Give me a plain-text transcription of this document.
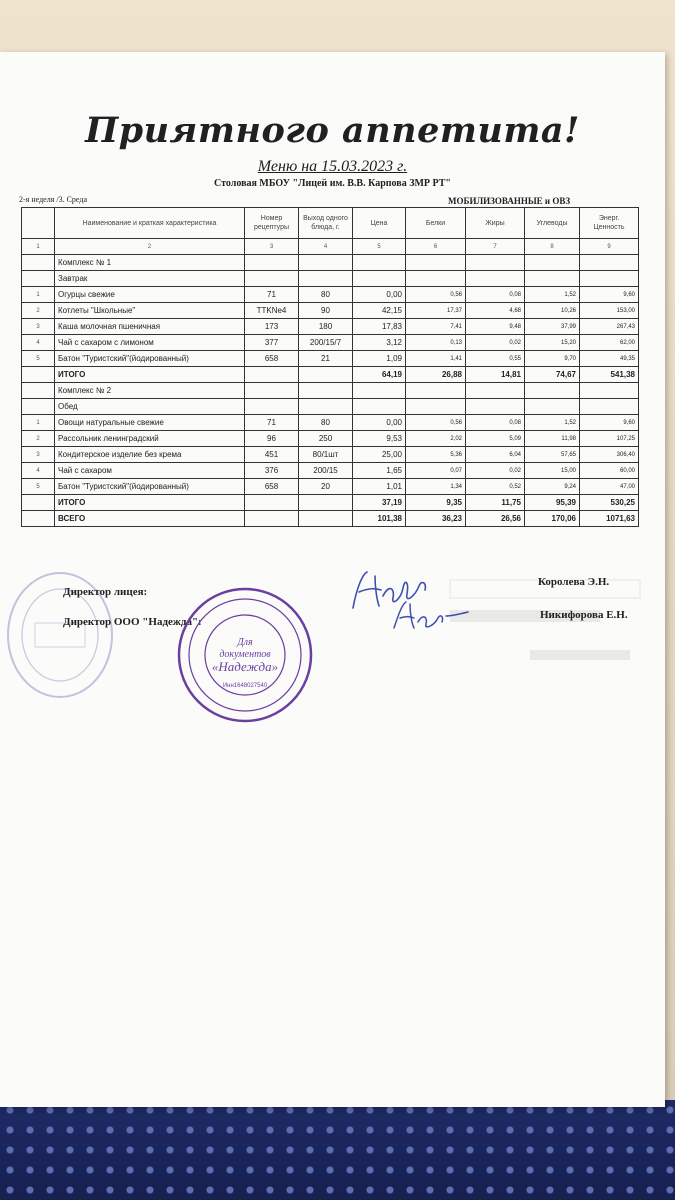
Приятного аппетита!
Меню на 15.03.2023 г.
Столовая МБОУ "Лицей им. В.В. Карпова ЗМР РТ"
2-я неделя /3. Среда	МОБИЛИЗОВАННЫЕ и ОВЗ
	Наименование и краткая характеристика	Номер рецептуры	Выход одного блюда, г.	Цена	Белки	Жиры	Углеводы	Энерг. Ценность
1	2	3	4	5	6	7	8	9
	Комплекс № 1							
	Завтрак							
1	Огурцы свежие	71	80	0,00	0,56	0,08	1,52	9,60
2	Котлеты "Школьные"	TTKNe4	90	42,15	17,37	4,68	10,26	153,00
3	Каша молочная пшеничная	173	180	17,83	7,41	9,48	37,99	267,43
4	Чай с сахаром с лимоном	377	200/15/7	3,12	0,13	0,02	15,20	62,00
5	Батон "Туристский"(йодированный)	658	21	1,09	1,41	0,55	9,70	49,35
	ИТОГО			64,19	26,88	14,81	74,67	541,38
	Комплекс № 2							
	Обед							
1	Овощи натуральные свежие	71	80	0,00	0,56	0,08	1,52	9,60
2	Рассольник ленинградский	96	250	9,53	2,02	5,09	11,98	107,25
3	Кондитерское изделие без крема	451	80/1шт	25,00	5,36	6,04	57,65	306,40
4	Чай с сахаром	376	200/15	1,65	0,07	0,02	15,00	60,00
5	Батон "Туристский"(йодированный)	658	20	1,01	1,34	0,52	9,24	47,00
	ИТОГО			37,19	9,35	11,75	95,39	530,25
	ВСЕГО			101,38	36,23	26,56	170,06	1071,63
Директор лицея:
Королева Э.Н.
Директор ООО "Надежда":
Никифорова Е.Н.
Для
документов
«Надежда»
Инн1648027540
